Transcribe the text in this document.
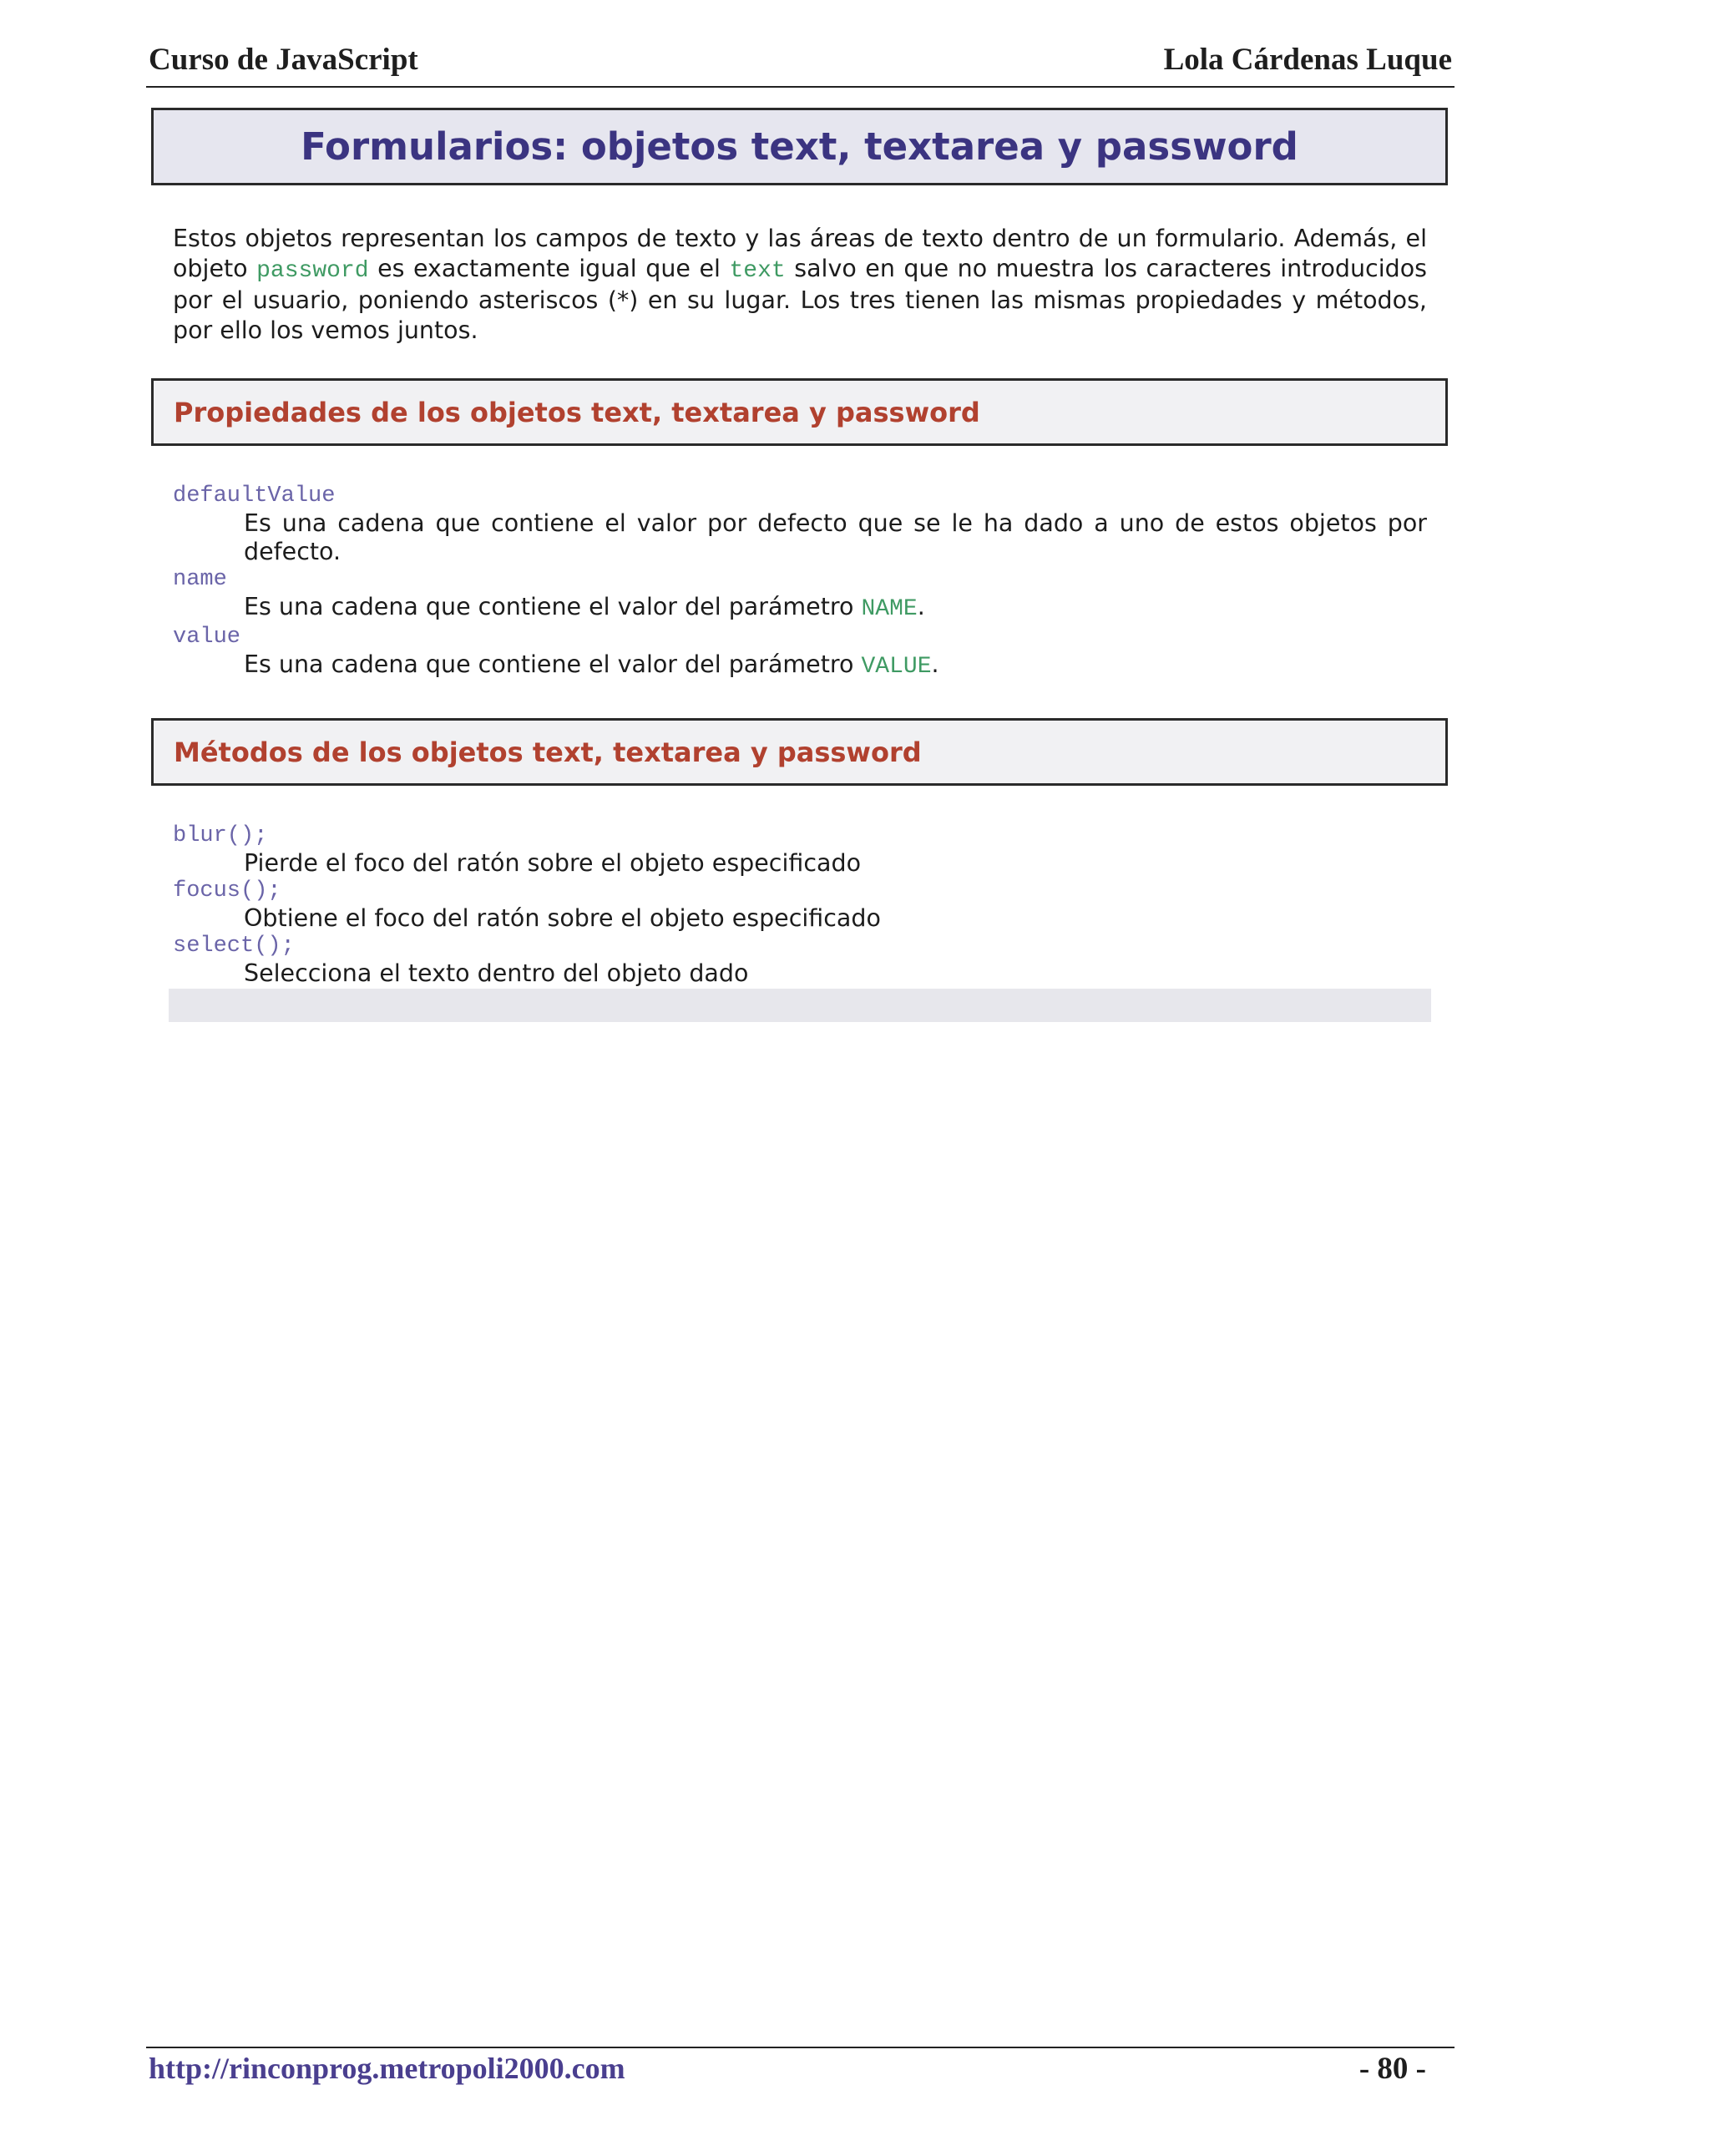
Curso de JavaScript	Lola Cárdenas Luque
Formularios: objetos text, textarea y password
Estos objetos representan los campos de texto y las áreas de texto dentro de un formulario. Además, el objeto password es exactamente igual que el text salvo en que no muestra los caracteres introducidos por el usuario, poniendo asteriscos (*) en su lugar. Los tres tienen las mismas propiedades y métodos, por ello los vemos juntos.
Propiedades de los objetos text, textarea y password
defaultValue
Es una cadena que contiene el valor por defecto que se le ha dado a uno de estos objetos por defecto.
name
Es una cadena que contiene el valor del parámetro NAME.
value
Es una cadena que contiene el valor del parámetro VALUE.
Métodos de los objetos text, textarea y password
blur();
Pierde el foco del ratón sobre el objeto especificado
focus();
Obtiene el foco del ratón sobre el objeto especificado
select();
Selecciona el texto dentro del objeto dado
http://rinconprog.metropoli2000.com	- 80 -
